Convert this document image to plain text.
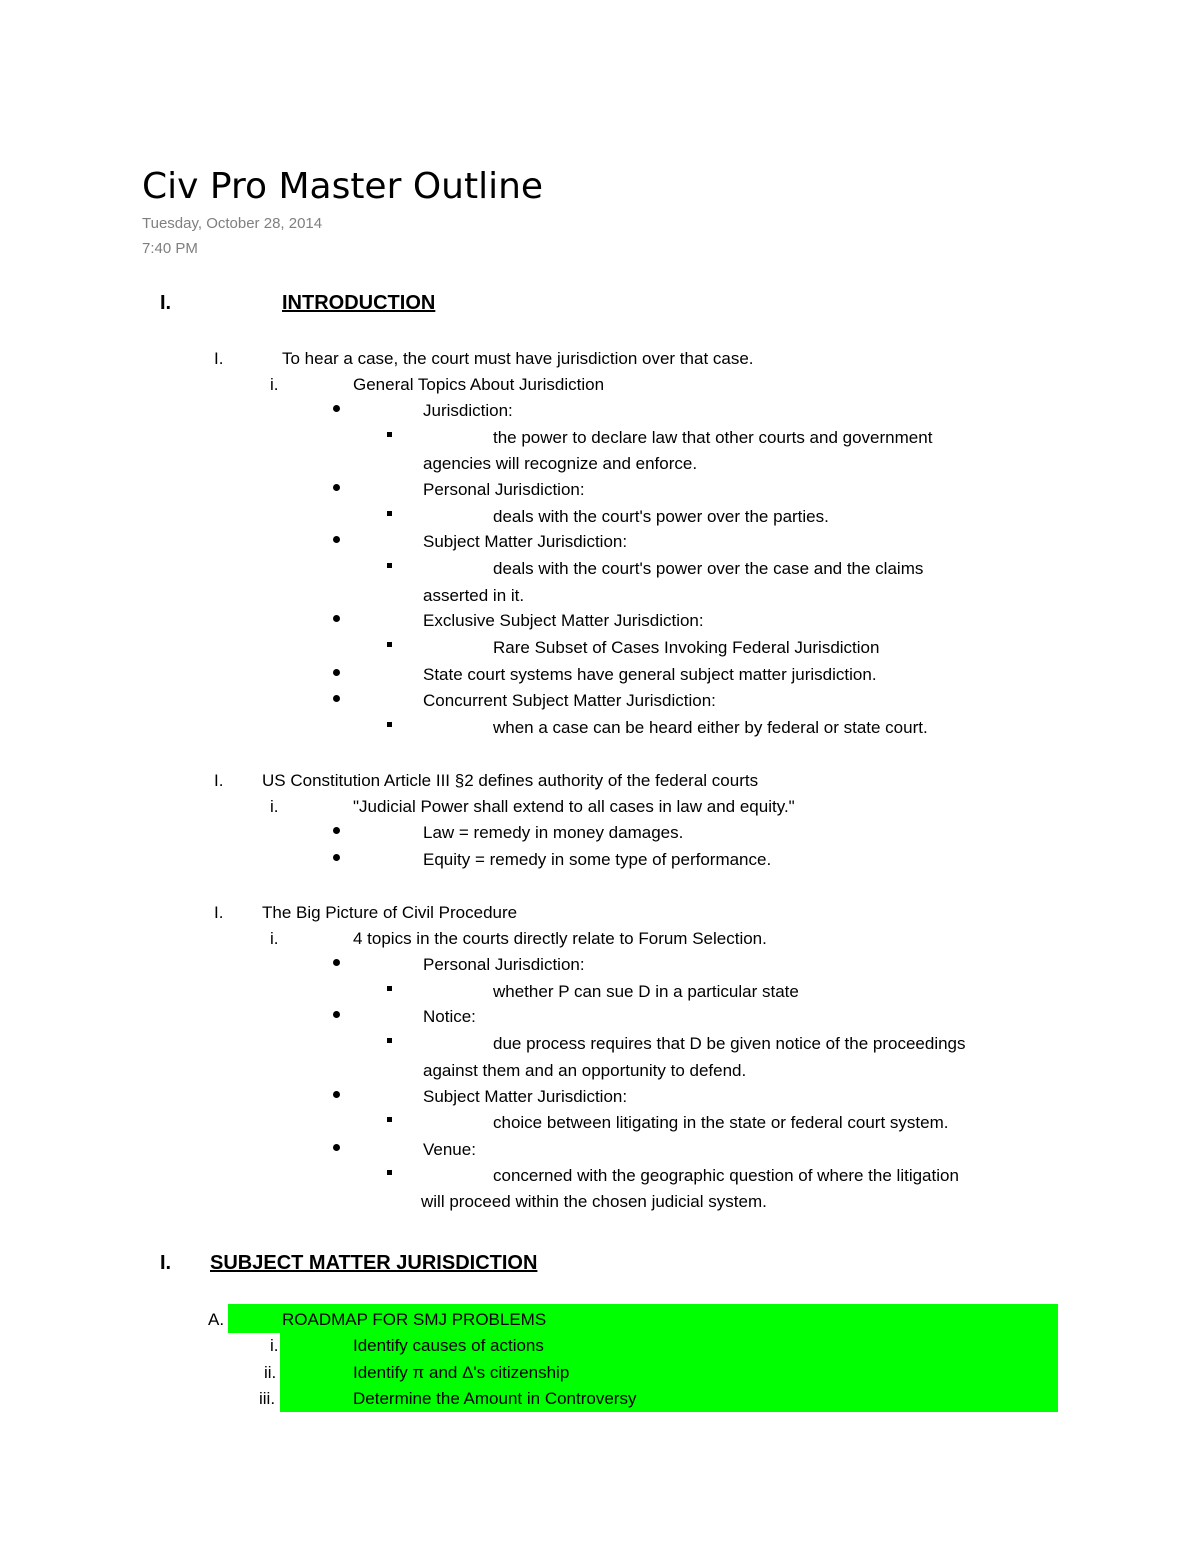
Civ Pro Master Outline
Tuesday, October 28, 2014
7:40 PM
I.	INTRODUCTION
I.	To hear a case, the court must have jurisdiction over that case.
i.	General Topics About Jurisdiction
Jurisdiction:
the power to declare law that other courts and government
agencies will recognize and enforce.
Personal Jurisdiction:
deals with the court's power over the parties.
Subject Matter Jurisdiction:
deals with the court's power over the case and the claims
asserted in it.
Exclusive Subject Matter Jurisdiction:
Rare Subset of Cases Invoking Federal Jurisdiction
State court systems have general subject matter jurisdiction.
Concurrent Subject Matter Jurisdiction:
when a case can be heard either by federal or state court.
I. US Constitution Article III §2 defines authority of the federal courts
i.	"Judicial Power shall extend to all cases in law and equity."
Law = remedy in money damages.
Equity = remedy in some type of performance.
I. The Big Picture of Civil Procedure
i.	4 topics in the courts directly relate to Forum Selection.
Personal Jurisdiction:
whether P can sue D in a particular state
Notice:
due process requires that D be given notice of the proceedings
against them and an opportunity to defend.
Subject Matter Jurisdiction:
choice between litigating in the state or federal court system.
Venue:
concerned with the geographic question of where the litigation
will proceed within the chosen judicial system.
I. SUBJECT MATTER JURISDICTION
A.	ROADMAP FOR SMJ PROBLEMS
i.	Identify causes of actions
ii.	Identify π and Δ's citizenship
iii.	Determine the Amount in Controversy
